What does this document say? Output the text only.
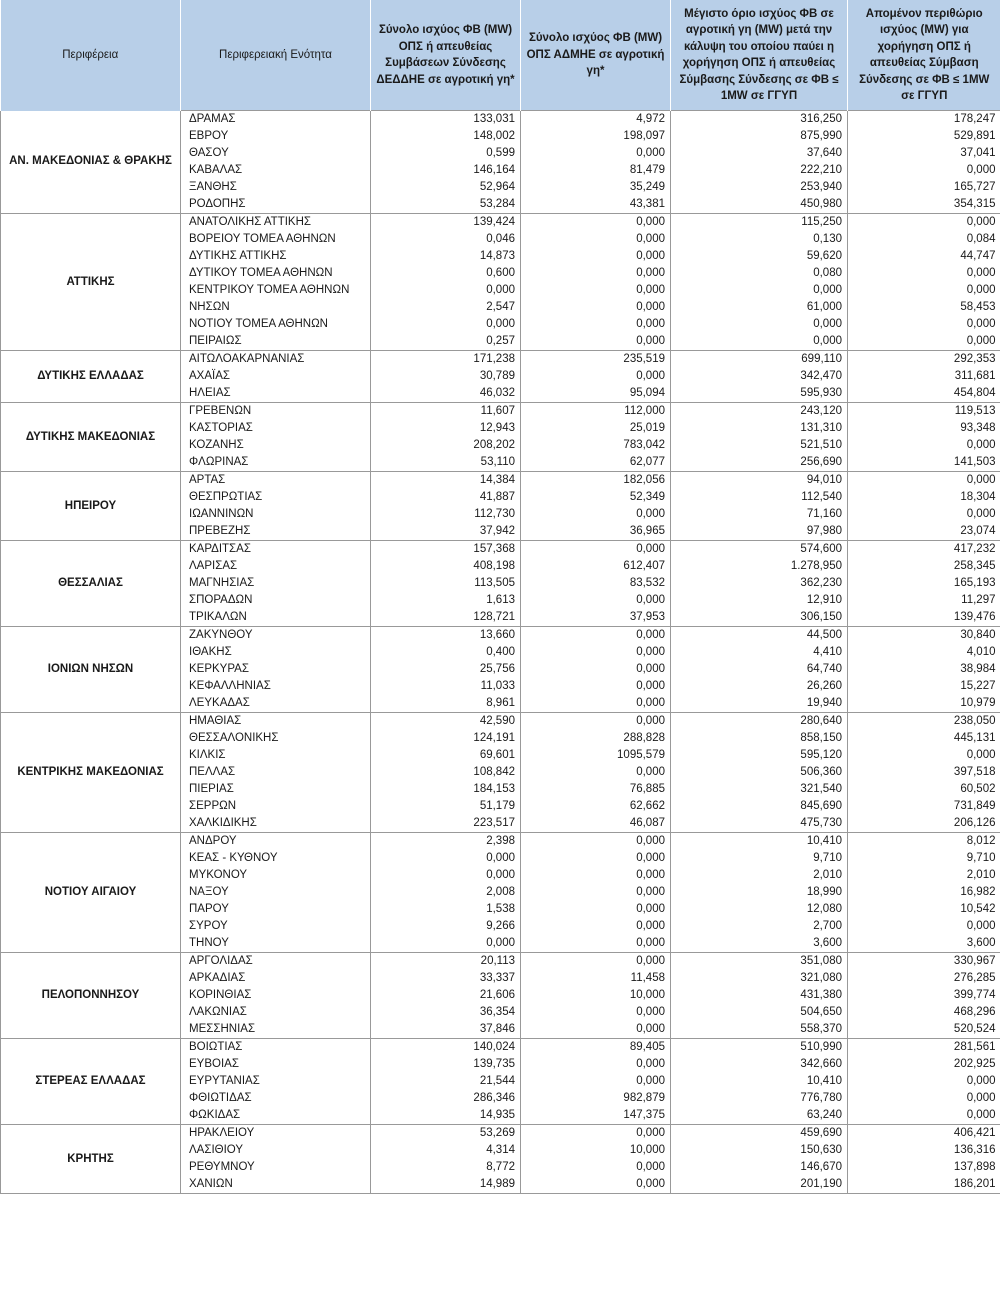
Περιφέρεια	Περιφερειακή Ενότητα	Σύνολο ισχύος ΦΒ (MW) ΟΠΣ ή απευθείας Συμβάσεων Σύνδεσης ΔΕΔΔΗΕ σε αγροτική γη*	Σύνολο ισχύος ΦΒ (MW) ΟΠΣ ΑΔΜΗΕ σε αγροτική γη*	Μέγιστο όριο ισχύος ΦΒ σε αγροτική γη (MW) μετά την κάλυψη του οποίου παύει η χορήγηση ΟΠΣ ή απευθείας Σύμβασης Σύνδεσης σε ΦΒ ≤ 1MW σε ΓΓΥΠ	Απομένον περιθώριο ισχύος (MW) για χορήγηση ΟΠΣ ή απευθείας Σύμβαση Σύνδεσης σε ΦΒ ≤ 1MW σε ΓΓΥΠ
ΑΝ. ΜΑΚΕΔΟΝΙΑΣ & ΘΡΑΚΗΣ	ΔΡΑΜΑΣ	133,031	4,972	316,250	178,247
	ΕΒΡΟΥ	148,002	198,097	875,990	529,891
	ΘΑΣΟΥ	0,599	0,000	37,640	37,041
	ΚΑΒΑΛΑΣ	146,164	81,479	222,210	0,000
	ΞΑΝΘΗΣ	52,964	35,249	253,940	165,727
	ΡΟΔΟΠΗΣ	53,284	43,381	450,980	354,315
ΑΤΤΙΚΗΣ	ΑΝΑΤΟΛΙΚΗΣ ΑΤΤΙΚΗΣ	139,424	0,000	115,250	0,000
	ΒΟΡΕΙΟΥ ΤΟΜΕΑ ΑΘΗΝΩΝ	0,046	0,000	0,130	0,084
	ΔΥΤΙΚΗΣ ΑΤΤΙΚΗΣ	14,873	0,000	59,620	44,747
	ΔΥΤΙΚΟΥ ΤΟΜΕΑ ΑΘΗΝΩΝ	0,600	0,000	0,080	0,000
	ΚΕΝΤΡΙΚΟΥ ΤΟΜΕΑ ΑΘΗΝΩΝ	0,000	0,000	0,000	0,000
	ΝΗΣΩΝ	2,547	0,000	61,000	58,453
	ΝΟΤΙΟΥ ΤΟΜΕΑ ΑΘΗΝΩΝ	0,000	0,000	0,000	0,000
	ΠΕΙΡΑΙΩΣ	0,257	0,000	0,000	0,000
ΔΥΤΙΚΗΣ ΕΛΛΑΔΑΣ	ΑΙΤΩΛΟΑΚΑΡΝΑΝΙΑΣ	171,238	235,519	699,110	292,353
	ΑΧΑΪΑΣ	30,789	0,000	342,470	311,681
	ΗΛΕΙΑΣ	46,032	95,094	595,930	454,804
ΔΥΤΙΚΗΣ ΜΑΚΕΔΟΝΙΑΣ	ΓΡΕΒΕΝΩΝ	11,607	112,000	243,120	119,513
	ΚΑΣΤΟΡΙΑΣ	12,943	25,019	131,310	93,348
	ΚΟΖΑΝΗΣ	208,202	783,042	521,510	0,000
	ΦΛΩΡΙΝΑΣ	53,110	62,077	256,690	141,503
ΗΠΕΙΡΟΥ	ΑΡΤΑΣ	14,384	182,056	94,010	0,000
	ΘΕΣΠΡΩΤΙΑΣ	41,887	52,349	112,540	18,304
	ΙΩΑΝΝΙΝΩΝ	112,730	0,000	71,160	0,000
	ΠΡΕΒΕΖΗΣ	37,942	36,965	97,980	23,074
ΘΕΣΣΑΛΙΑΣ	ΚΑΡΔΙΤΣΑΣ	157,368	0,000	574,600	417,232
	ΛΑΡΙΣΑΣ	408,198	612,407	1.278,950	258,345
	ΜΑΓΝΗΣΙΑΣ	113,505	83,532	362,230	165,193
	ΣΠΟΡΑΔΩΝ	1,613	0,000	12,910	11,297
	ΤΡΙΚΑΛΩΝ	128,721	37,953	306,150	139,476
ΙΟΝΙΩΝ ΝΗΣΩΝ	ΖΑΚΥΝΘΟΥ	13,660	0,000	44,500	30,840
	ΙΘΑΚΗΣ	0,400	0,000	4,410	4,010
	ΚΕΡΚΥΡΑΣ	25,756	0,000	64,740	38,984
	ΚΕΦΑΛΛΗΝΙΑΣ	11,033	0,000	26,260	15,227
	ΛΕΥΚΑΔΑΣ	8,961	0,000	19,940	10,979
ΚΕΝΤΡΙΚΗΣ ΜΑΚΕΔΟΝΙΑΣ	ΗΜΑΘΙΑΣ	42,590	0,000	280,640	238,050
	ΘΕΣΣΑΛΟΝΙΚΗΣ	124,191	288,828	858,150	445,131
	ΚΙΛΚΙΣ	69,601	1095,579	595,120	0,000
	ΠΕΛΛΑΣ	108,842	0,000	506,360	397,518
	ΠΙΕΡΙΑΣ	184,153	76,885	321,540	60,502
	ΣΕΡΡΩΝ	51,179	62,662	845,690	731,849
	ΧΑΛΚΙΔΙΚΗΣ	223,517	46,087	475,730	206,126
ΝΟΤΙΟΥ ΑΙΓΑΙΟΥ	ΑΝΔΡΟΥ	2,398	0,000	10,410	8,012
	ΚΕΑΣ - ΚΥΘΝΟΥ	0,000	0,000	9,710	9,710
	ΜΥΚΟΝΟΥ	0,000	0,000	2,010	2,010
	ΝΑΞΟΥ	2,008	0,000	18,990	16,982
	ΠΑΡΟΥ	1,538	0,000	12,080	10,542
	ΣΥΡΟΥ	9,266	0,000	2,700	0,000
	ΤΗΝΟΥ	0,000	0,000	3,600	3,600
ΠΕΛΟΠΟΝΝΗΣΟΥ	ΑΡΓΟΛΙΔΑΣ	20,113	0,000	351,080	330,967
	ΑΡΚΑΔΙΑΣ	33,337	11,458	321,080	276,285
	ΚΟΡΙΝΘΙΑΣ	21,606	10,000	431,380	399,774
	ΛΑΚΩΝΙΑΣ	36,354	0,000	504,650	468,296
	ΜΕΣΣΗΝΙΑΣ	37,846	0,000	558,370	520,524
ΣΤΕΡΕΑΣ ΕΛΛΑΔΑΣ	ΒΟΙΩΤΙΑΣ	140,024	89,405	510,990	281,561
	ΕΥΒΟΙΑΣ	139,735	0,000	342,660	202,925
	ΕΥΡΥΤΑΝΙΑΣ	21,544	0,000	10,410	0,000
	ΦΘΙΩΤΙΔΑΣ	286,346	982,879	776,780	0,000
	ΦΩΚΙΔΑΣ	14,935	147,375	63,240	0,000
ΚΡΗΤΗΣ	ΗΡΑΚΛΕΙΟΥ	53,269	0,000	459,690	406,421
	ΛΑΣΙΘΙΟΥ	4,314	10,000	150,630	136,316
	ΡΕΘΥΜΝΟΥ	8,772	0,000	146,670	137,898
	ΧΑΝΙΩΝ	14,989	0,000	201,190	186,201
